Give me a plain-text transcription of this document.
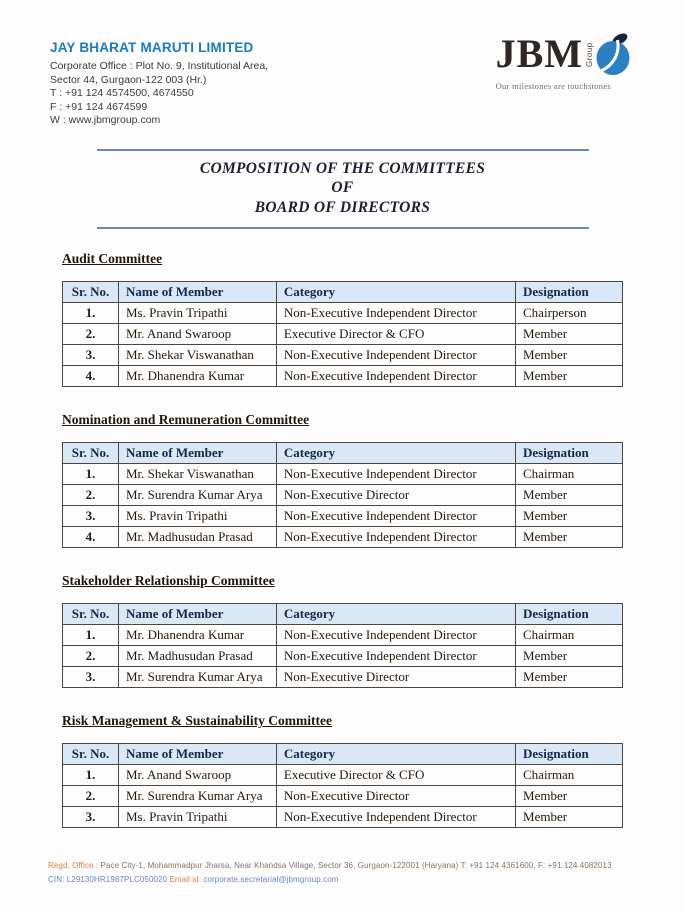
JAY BHARAT MARUTI LIMITED
Corporate Office : Plot No. 9, Institutional Area,
Sector 44, Gurgaon-122 003 (Hr.)
T : +91 124 4574500, 4674550
F : +91 124 4674599
W : www.jbmgroup.com
JBM Group
Our milestones are touchstones
COMPOSITION OF THE COMMITTEES
OF
BOARD OF DIRECTORS
Audit Committee
Sr. No.	Name of Member	Category	Designation
1.	Ms. Pravin Tripathi	Non-Executive Independent Director	Chairperson
2.	Mr. Anand Swaroop	Executive Director & CFO	Member
3.	Mr. Shekar Viswanathan	Non-Executive Independent Director	Member
4.	Mr. Dhanendra Kumar	Non-Executive Independent Director	Member
Nomination and Remuneration Committee
Sr. No.	Name of Member	Category	Designation
1.	Mr. Shekar Viswanathan	Non-Executive Independent Director	Chairman
2.	Mr. Surendra Kumar Arya	Non-Executive Director	Member
3.	Ms. Pravin Tripathi	Non-Executive Independent Director	Member
4.	Mr. Madhusudan Prasad	Non-Executive Independent Director	Member
Stakeholder Relationship Committee
Sr. No.	Name of Member	Category	Designation
1.	Mr. Dhanendra Kumar	Non-Executive Independent Director	Chairman
2.	Mr. Madhusudan Prasad	Non-Executive Independent Director	Member
3.	Mr. Surendra Kumar Arya	Non-Executive Director	Member
Risk Management & Sustainability Committee
Sr. No.	Name of Member	Category	Designation
1.	Mr. Anand Swaroop	Executive Director & CFO	Chairman
2.	Mr. Surendra Kumar Arya	Non-Executive Director	Member
3.	Ms. Pravin Tripathi	Non-Executive Independent Director	Member
Regd. Office : Pace City-1, Mohammadpur Jharsa, Near Khandsa Village, Sector 36, Gurgaon-122001 (Haryana) T: +91 124 4361600, F: +91 124 4082013
CIN: L29130HR1987PLC050020 Email id: corporate.secretarial@jbmgroup.com
